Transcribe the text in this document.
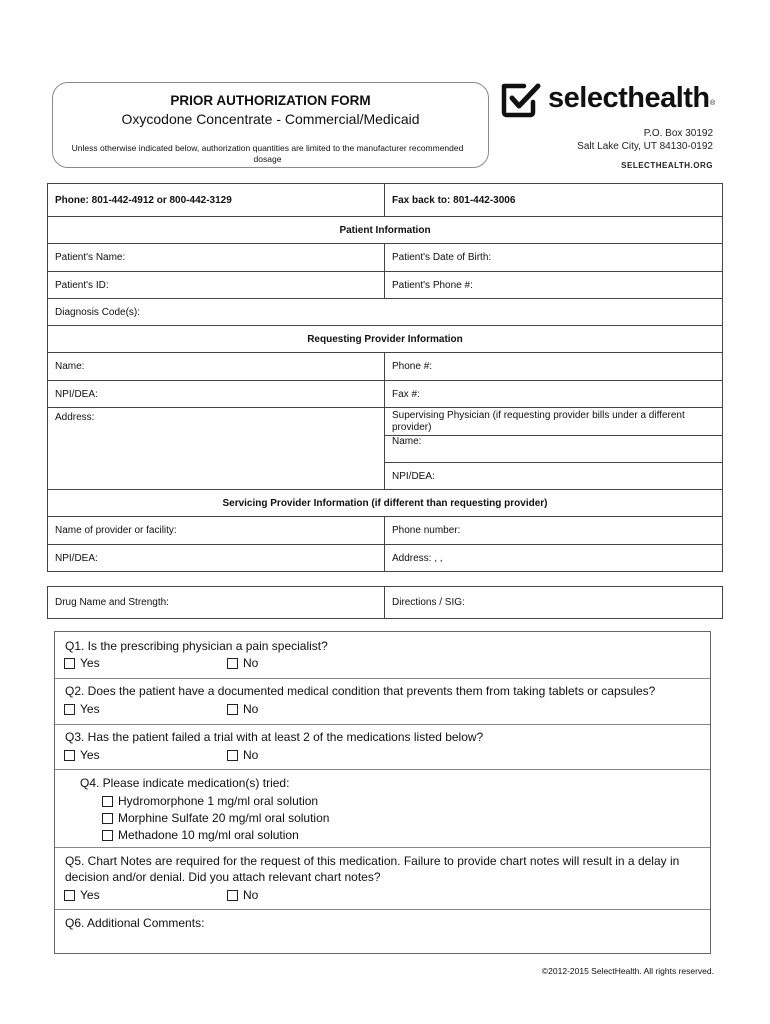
PRIOR AUTHORIZATION FORM
Oxycodone Concentrate - Commercial/Medicaid
Unless otherwise indicated below, authorization quantities are limited to the manufacturer recommended dosage
selecthealth ®
P.O. Box 30192
Salt Lake City, UT 84130-0192
SELECTHEALTH.ORG
Phone: 801-442-4912 or 800-442-3129	Fax back to: 801-442-3006
Patient Information	
Patient's Name:	Patient's Date of Birth:
Patient's ID:	Patient's Phone #:
Diagnosis Code(s):	
Requesting Provider Information	
Name:	Phone #:
NPI/DEA:	Fax #:
Address:	Supervising Physician (if requesting provider bills under a different provider)
	Name:
	NPI/DEA:
Servicing Provider Information (if different than requesting provider)	
Name of provider or facility:	Phone number:
NPI/DEA:	Address: , ,
Drug Name and Strength:	Directions / SIG:
Q1. Is the prescribing physician a pain specialist?
Yes	No
Q2. Does the patient have a documented medical condition that prevents them from taking tablets or capsules?
Yes	No
Q3. Has the patient failed a trial with at least 2 of the medications listed below?
Yes	No
Q4. Please indicate medication(s) tried:
Hydromorphone 1 mg/ml oral solution
Morphine Sulfate 20 mg/ml oral solution
Methadone 10 mg/ml oral solution
Q5. Chart Notes are required for the request of this medication. Failure to provide chart notes will result in a delay in decision and/or denial. Did you attach relevant chart notes?
Yes	No
Q6. Additional Comments:
©2012-2015 SelectHealth. All rights reserved.
